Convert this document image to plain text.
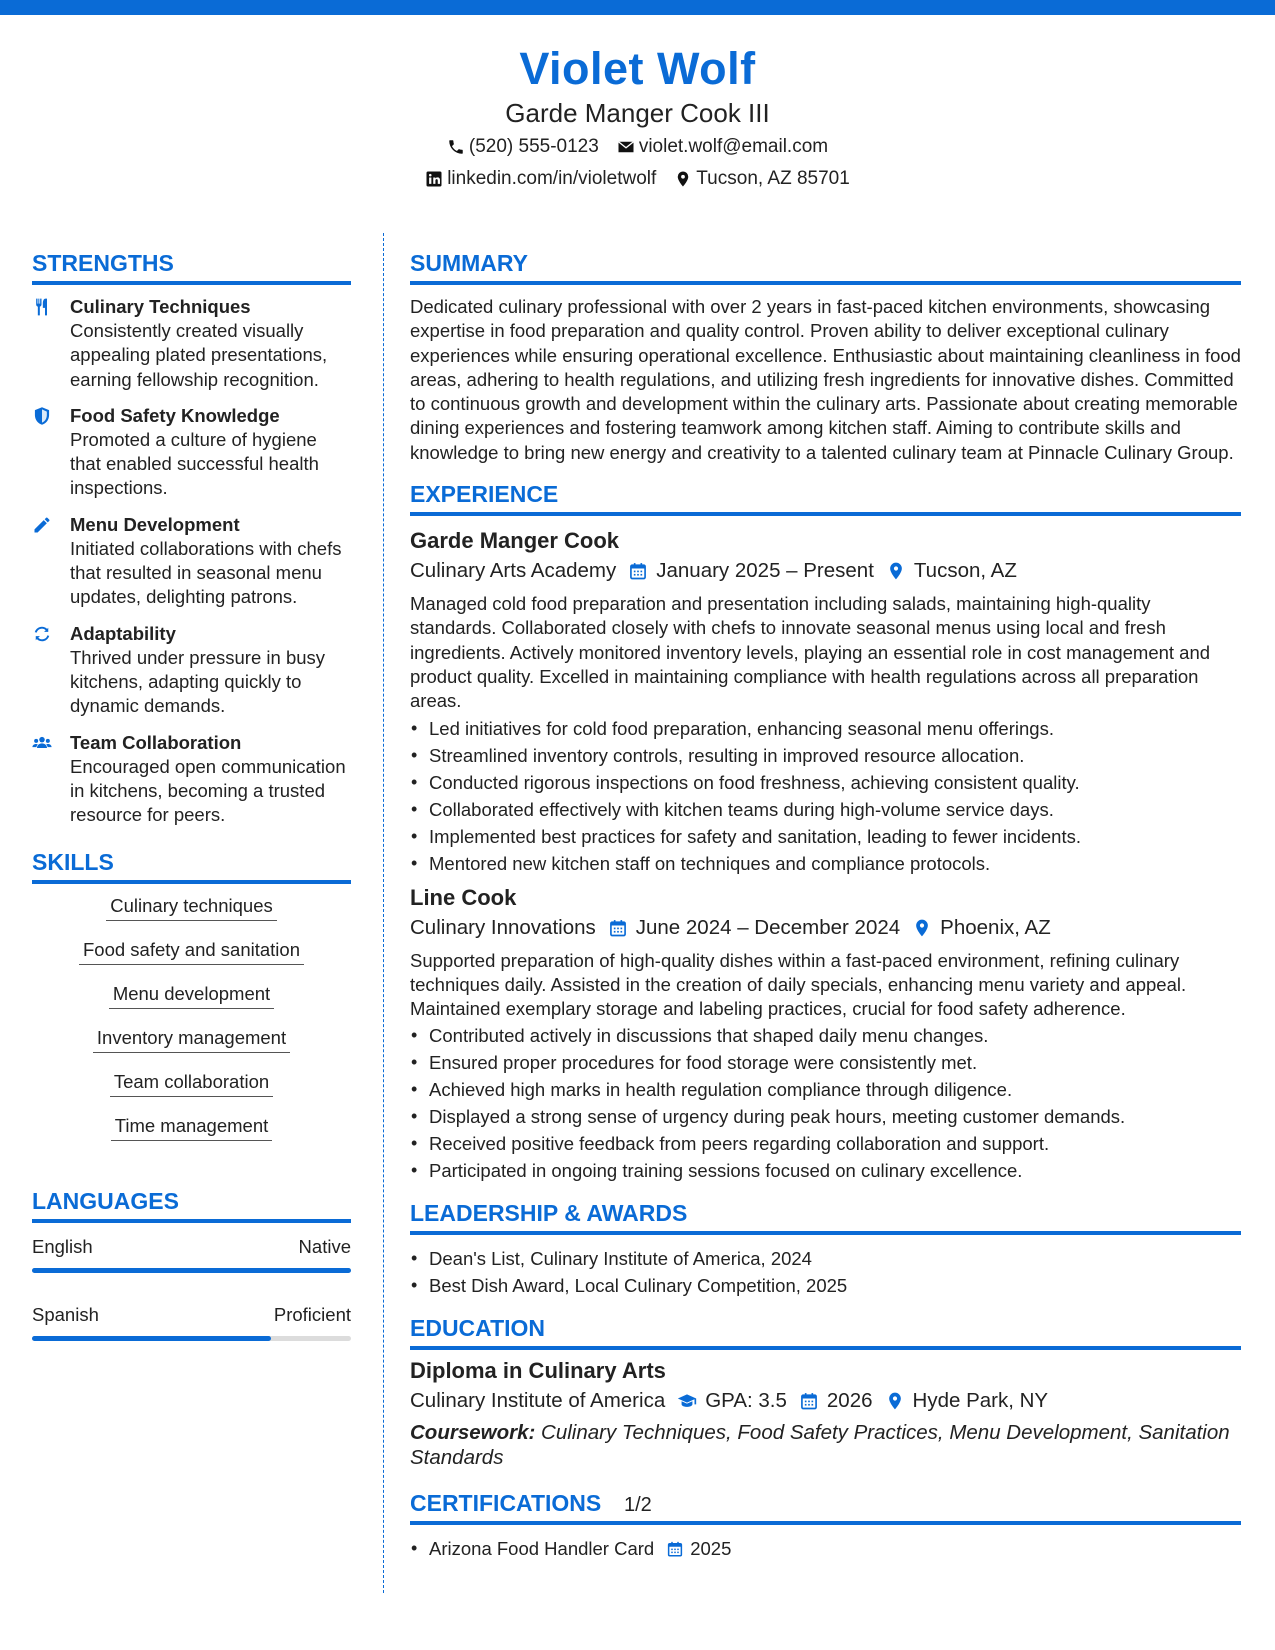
Violet Wolf
Garde Manger Cook III
(520) 555-0123 violet.wolf@email.com
linkedin.com/in/violetwolf Tucson, AZ 85701
STRENGTHS
Culinary Techniques
Consistently created visually appealing plated presentations, earning fellowship recognition.
Food Safety Knowledge
Promoted a culture of hygiene that enabled successful health inspections.
Menu Development
Initiated collaborations with chefs that resulted in seasonal menu updates, delighting patrons.
Adaptability
Thrived under pressure in busy kitchens, adapting quickly to dynamic demands.
Team Collaboration
Encouraged open communication in kitchens, becoming a trusted resource for peers.
SKILLS
Culinary techniques
Food safety and sanitation
Menu development
Inventory management
Team collaboration
Time management
LANGUAGES
English	Native
Spanish	Proficient
SUMMARY
Dedicated culinary professional with over 2 years in fast-paced kitchen environments, showcasing expertise in food preparation and quality control. Proven ability to deliver exceptional culinary experiences while ensuring operational excellence. Enthusiastic about maintaining cleanliness in food areas, adhering to health regulations, and utilizing fresh ingredients for innovative dishes. Committed to continuous growth and development within the culinary arts. Passionate about creating memorable dining experiences and fostering teamwork among kitchen staff. Aiming to contribute skills and knowledge to bring new energy and creativity to a talented culinary team at Pinnacle Culinary Group.
EXPERIENCE
Garde Manger Cook
Culinary Arts Academy January 2025 – Present Tucson, AZ
Managed cold food preparation and presentation including salads, maintaining high-quality standards. Collaborated closely with chefs to innovate seasonal menus using local and fresh ingredients. Actively monitored inventory levels, playing an essential role in cost management and product quality. Excelled in maintaining compliance with health regulations across all preparation areas.
• Led initiatives for cold food preparation, enhancing seasonal menu offerings.
• Streamlined inventory controls, resulting in improved resource allocation.
• Conducted rigorous inspections on food freshness, achieving consistent quality.
• Collaborated effectively with kitchen teams during high-volume service days.
• Implemented best practices for safety and sanitation, leading to fewer incidents.
• Mentored new kitchen staff on techniques and compliance protocols.
Line Cook
Culinary Innovations June 2024 – December 2024 Phoenix, AZ
Supported preparation of high-quality dishes within a fast-paced environment, refining culinary techniques daily. Assisted in the creation of daily specials, enhancing menu variety and appeal. Maintained exemplary storage and labeling practices, crucial for food safety adherence.
• Contributed actively in discussions that shaped daily menu changes.
• Ensured proper procedures for food storage were consistently met.
• Achieved high marks in health regulation compliance through diligence.
• Displayed a strong sense of urgency during peak hours, meeting customer demands.
• Received positive feedback from peers regarding collaboration and support.
• Participated in ongoing training sessions focused on culinary excellence.
LEADERSHIP & AWARDS
• Dean's List, Culinary Institute of America, 2024
• Best Dish Award, Local Culinary Competition, 2025
EDUCATION
Diploma in Culinary Arts
Culinary Institute of America GPA: 3.5 2026 Hyde Park, NY
Coursework: Culinary Techniques, Food Safety Practices, Menu Development, Sanitation Standards
CERTIFICATIONS
• Arizona Food Handler Card 2025
1/2
